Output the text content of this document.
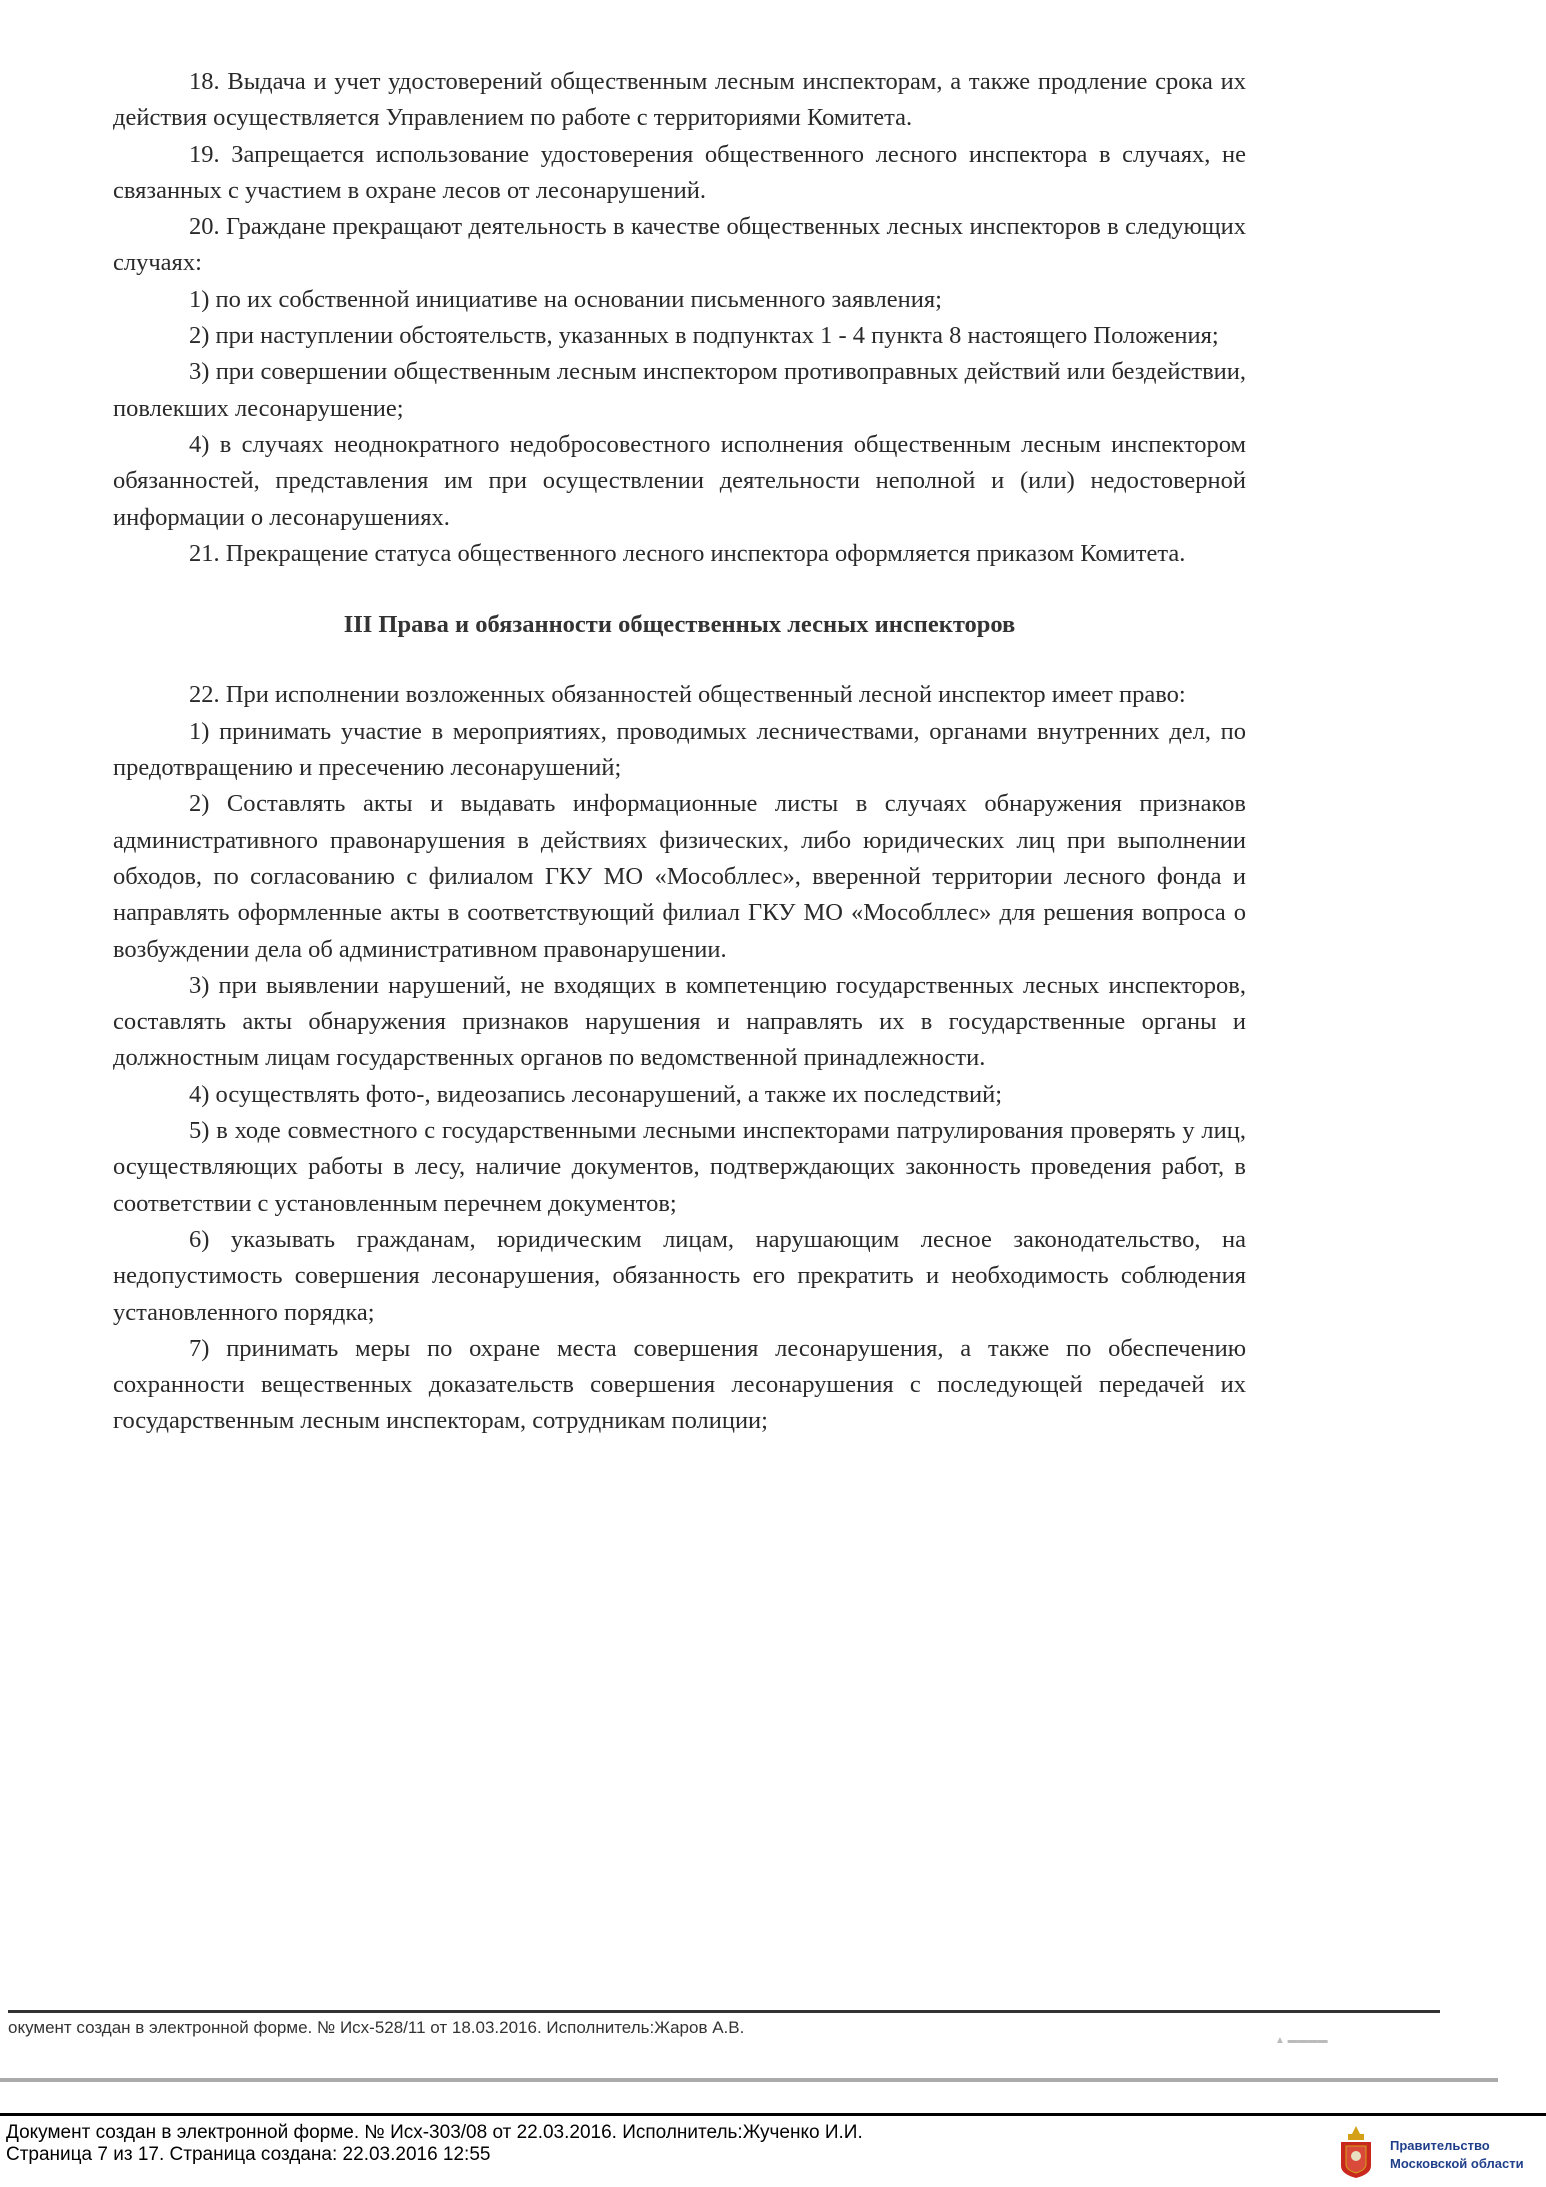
18. Выдача и учет удостоверений общественным лесным инспекторам, а также продление срока их действия осуществляется Управлением по работе с территориями Комитета.

19. Запрещается использование удостоверения общественного лесного инспектора в случаях, не связанных с участием в охране лесов от лесонарушений.

20. Граждане прекращают деятельность в качестве общественных лесных инспекторов в следующих случаях:

1) по их собственной инициативе на основании письменного заявления;

2) при наступлении обстоятельств, указанных в подпунктах 1 - 4 пункта 8 настоящего Положения;

3) при совершении общественным лесным инспектором противоправных действий или бездействии, повлекших лесонарушение;

4) в случаях неоднократного недобросовестного исполнения общественным лесным инспектором обязанностей, представления им при осуществлении деятельности неполной и (или) недостоверной информации о лесонарушениях.

21. Прекращение статуса общественного лесного инспектора оформляется приказом Комитета.

III Права и обязанности общественных лесных инспекторов

22. При исполнении возложенных обязанностей общественный лесной инспектор имеет право:

1) принимать участие в мероприятиях, проводимых лесничествами, органами внутренних дел, по предотвращению и пресечению лесонарушений;

2) Составлять акты и выдавать информационные листы в случаях обнаружения признаков административного правонарушения в действиях физических, либо юридических лиц при выполнении обходов, по согласованию с филиалом ГКУ МО «Мособллес», вверенной территории лесного фонда и направлять оформленные акты в соответствующий филиал ГКУ МО «Мособллес» для решения вопроса о возбуждении дела об административном правонарушении.

3) при выявлении нарушений, не входящих в компетенцию государственных лесных инспекторов, составлять акты обнаружения признаков нарушения и направлять их в государственные органы и должностным лицам государственных органов по ведомственной принадлежности.

4) осуществлять фото-, видеозапись лесонарушений, а также их последствий;

5) в ходе совместного с государственными лесными инспекторами патрулирования проверять у лиц, осуществляющих работы в лесу, наличие документов, подтверждающих законность проведения работ, в соответствии с установленным перечнем документов;

6) указывать гражданам, юридическим лицам, нарушающим лесное законодательство, на недопустимость совершения лесонарушения, обязанность его прекратить и необходимость соблюдения установленного порядка;

7) принимать меры по охране места совершения лесонарушения, а также по обеспечению сохранности вещественных доказательств совершения лесонарушения с последующей передачей их государственным лесным инспекторам, сотрудникам полиции;

окумент создан в электронной форме. № Исх-528/11 от 18.03.2016. Исполнитель:Жаров А.В.
▲ ▬▬▬▬
Документ создан в электронной форме. № Исх-303/08 от 22.03.2016. Исполнитель:Жученко И.И.
Страница 7 из 17. Страница создана: 22.03.2016 12:55	Правительство
Московской области
